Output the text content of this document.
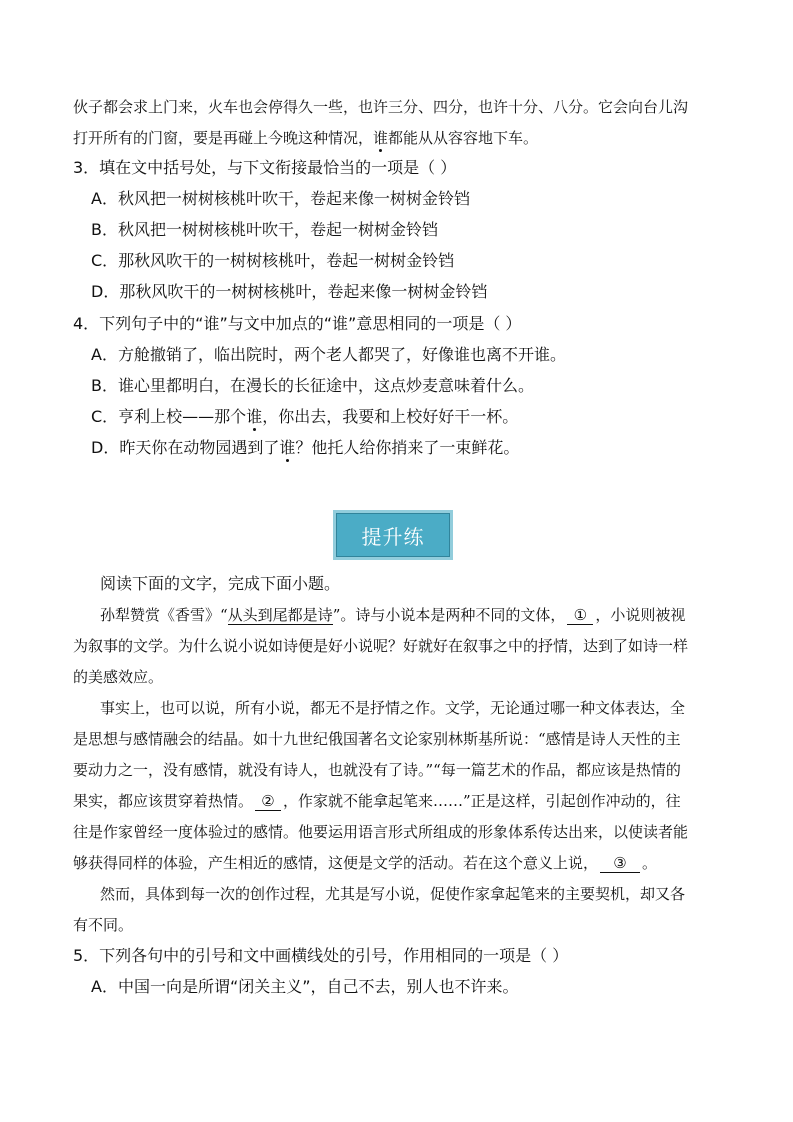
伙子都会求上门来，火车也会停得久一些，也许三分、四分，也许十分、八分。它会向台儿沟
打开所有的门窗，要是再碰上今晚这种情况，谁都能从从容容地下车。
3．填在文中括号处，与下文衔接最恰当的一项是（ ）
A．秋风把一树树核桃叶吹干，卷起来像一树树金铃铛
B．秋风把一树树核桃叶吹干，卷起一树树金铃铛
C．那秋风吹干的一树树核桃叶，卷起一树树金铃铛
D．那秋风吹干的一树树核桃叶，卷起来像一树树金铃铛
4．下列句子中的“谁”与文中加点的“谁”意思相同的一项是（ ）
A．方舱撤销了，临出院时，两个老人都哭了，好像谁也离不开谁。
B．谁心里都明白，在漫长的长征途中，这点炒麦意味着什么。
C．亨利上校——那个谁，你出去，我要和上校好好干一杯。
D．昨天你在动物园遇到了谁？他托人给你捎来了一束鲜花。
提升练
阅读下面的文字，完成下面小题。
孙犁赞赏《香雪》“从头到尾都是诗”。诗与小说本是两种不同的文体， ① ，小说则被视
为叙事的文学。为什么说小说如诗便是好小说呢？好就好在叙事之中的抒情，达到了如诗一样
的美感效应。
事实上，也可以说，所有小说，都无不是抒情之作。文学，无论通过哪一种文体表达，全
是思想与感情融会的结晶。如十九世纪俄国著名文论家别林斯基所说：“感情是诗人天性的主
要动力之一，没有感情，就没有诗人，也就没有了诗。”“每一篇艺术的作品，都应该是热情的
果实，都应该贯穿着热情。 ② ，作家就不能拿起笔来……”正是这样，引起创作冲动的，往
往是作家曾经一度体验过的感情。他要运用语言形式所组成的形象体系传达出来，以使读者能
够获得同样的体验，产生相近的感情，这便是文学的活动。若在这个意义上说， ③ 。
然而，具体到每一次的创作过程，尤其是写小说，促使作家拿起笔来的主要契机，却又各
有不同。
5．下列各句中的引号和文中画横线处的引号，作用相同的一项是（ ）
A．中国一向是所谓“闭关主义”，自己不去，别人也不许来。
